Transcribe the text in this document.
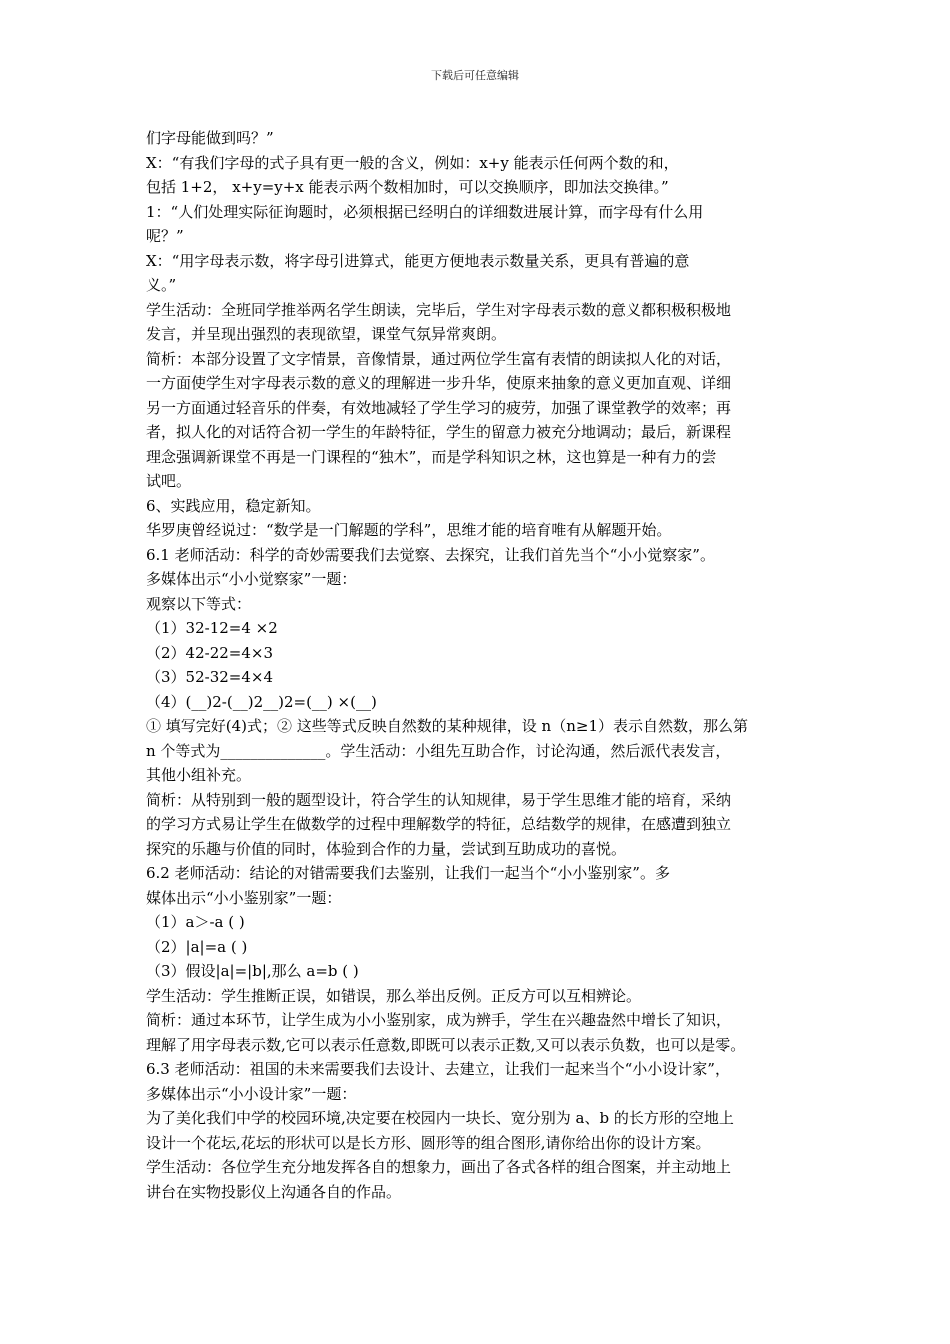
下载后可任意编辑
们字母能做到吗？”
X：“有我们字母的式子具有更一般的含义，例如：x+y 能表示任何两个数的和，
包括 1+2， x+y=y+x 能表示两个数相加时，可以交换顺序，即加法交换律。”
1：“人们处理实际征询题时，必须根据已经明白的详细数进展计算，而字母有什么用
呢？”
X：“用字母表示数，将字母引进算式，能更方便地表示数量关系，更具有普遍的意
义。”
学生活动：全班同学推举两名学生朗读，完毕后，学生对字母表示数的意义都积极积极地
发言，并呈现出强烈的表现欲望，课堂气氛异常爽朗。
简析：本部分设置了文字情景，音像情景，通过两位学生富有表情的朗读拟人化的对话，
一方面使学生对字母表示数的意义的理解进一步升华，使原来抽象的意义更加直观、详细
另一方面通过轻音乐的伴奏，有效地减轻了学生学习的疲劳，加强了课堂教学的效率；再
者，拟人化的对话符合初一学生的年龄特征，学生的留意力被充分地调动；最后，新课程
理念强调新课堂不再是一门课程的“独木”，而是学科知识之林，这也算是一种有力的尝
试吧。
6、实践应用，稳定新知。
华罗庚曾经说过：“数学是一门解题的学科”，思维才能的培育唯有从解题开始。
6.1 老师活动：科学的奇妙需要我们去觉察、去探究，让我们首先当个“小小觉察家”。
多媒体出示“小小觉察家”一题：
观察以下等式：
（1）32-12=4 ×2
（2）42-22=4×3
（3）52-32=4×4
（4）(__)2-(__)2__)2=(__) ×(__)
① 填写完好(4)式；② 这些等式反映自然数的某种规律，设 n（n≥1）表示自然数，那么第
n 个等式为______________。学生活动：小组先互助合作，讨论沟通，然后派代表发言，
其他小组补充。
简析：从特别到一般的题型设计，符合学生的认知规律，易于学生思维才能的培育，采纳
的学习方式易让学生在做数学的过程中理解数学的特征，总结数学的规律，在感遭到独立
探究的乐趣与价值的同时，体验到合作的力量，尝试到互助成功的喜悦。
6.2 老师活动：结论的对错需要我们去鉴别，让我们一起当个“小小鉴别家”。多
媒体出示“小小鉴别家”一题：
（1）a＞-a ( )
（2）|a|=a ( )
（3）假设|a|=|b|,那么 a=b ( )
学生活动：学生推断正误，如错误，那么举出反例。正反方可以互相辨论。
简析：通过本环节，让学生成为小小鉴别家，成为辨手，学生在兴趣盎然中增长了知识，
理解了用字母表示数,它可以表示任意数,即既可以表示正数,又可以表示负数，也可以是零。
6.3 老师活动：祖国的未来需要我们去设计、去建立，让我们一起来当个“小小设计家”，
多媒体出示“小小设计家”一题：
为了美化我们中学的校园环境,决定要在校园内一块长、宽分别为 a、b 的长方形的空地上
设计一个花坛,花坛的形状可以是长方形、圆形等的组合图形,请你给出你的设计方案。
学生活动：各位学生充分地发挥各自的想象力，画出了各式各样的组合图案，并主动地上
讲台在实物投影仪上沟通各自的作品。
